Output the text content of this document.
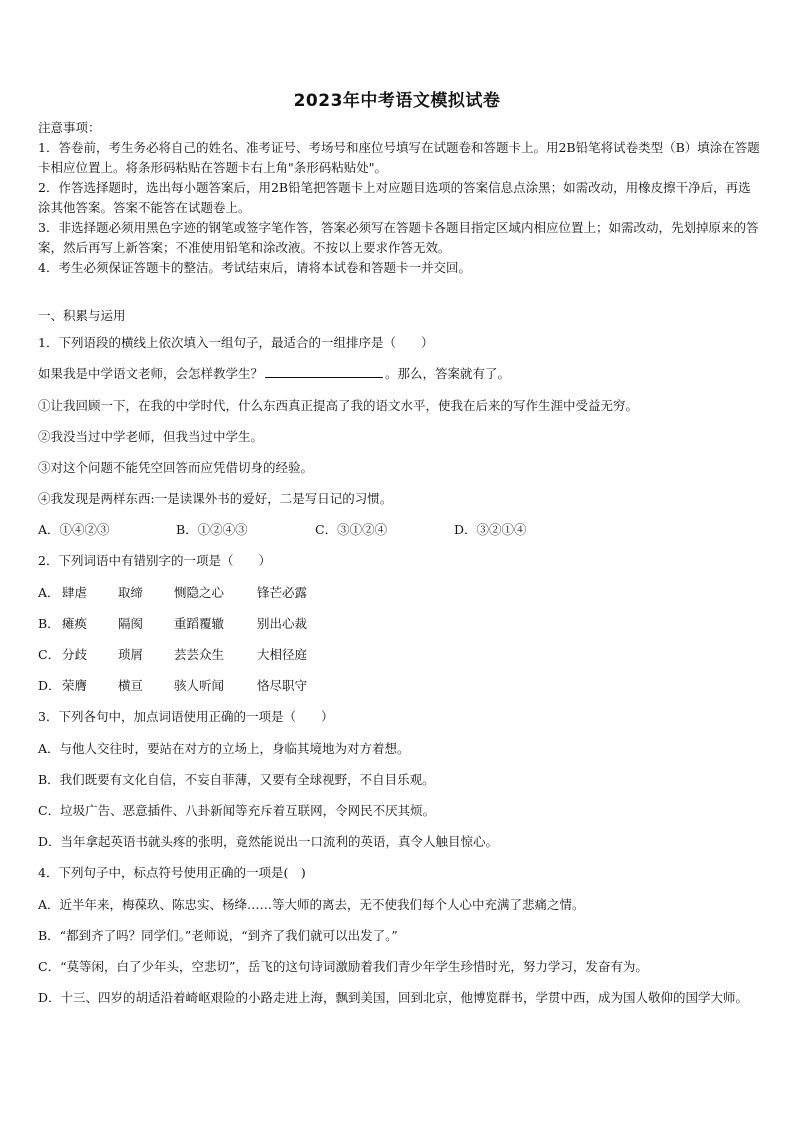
2023年中考语文模拟试卷

注意事项：

1．答卷前，考生务必将自己的姓名、准考证号、考场号和座位号填写在试题卷和答题卡上。用2B铅笔将试卷类型（B）填涂在答题卡相应位置上。将条形码粘贴在答题卡右上角"条形码粘贴处"。

2．作答选择题时，选出每小题答案后，用2B铅笔把答题卡上对应题目选项的答案信息点涂黑；如需改动，用橡皮擦干净后，再选涂其他答案。答案不能答在试题卷上。

3．非选择题必须用黑色字迹的钢笔或签字笔作答，答案必须写在答题卡各题目指定区域内相应位置上；如需改动，先划掉原来的答案，然后再写上新答案；不准使用铅笔和涂改液。不按以上要求作答无效。

4．考生必须保证答题卡的整洁。考试结束后，请将本试卷和答题卡一并交回。

一、积累与运用
1．下列语段的横线上依次填入一组句子，最适合的一组排序是（　　）
如果我是中学语文老师，会怎样教学生？	。那么，答案就有了。
①让我回顾一下，在我的中学时代，什么东西真正提高了我的语文水平，使我在后来的写作生涯中受益无穷。
②我没当过中学老师，但我当过中学生。
③对这个问题不能凭空回答而应凭借切身的经验。
④我发现是两样东西:一是读课外书的爱好，二是写日记的习惯。
A．①④②③	B．①②④③	C．③①②④	D．③②①④
2．下列词语中有错别字的一项是（　　）
A． 肆虐 取缔 恻隐之心	锋芒必露
B． 瘫痪 隔阂 重蹈覆辙	别出心裁
C． 分歧 琐屑 芸芸众生	大相径庭
D． 荣膺 横亘 骇人听闻	恪尽职守
3．下列各句中，加点词语使用正确的一项是（　　）
A．与他人交往时，要站在对方的立场上，身临其境地为对方着想。
B．我们既要有文化自信，不妄自菲薄，又要有全球视野，不自目乐观。
C．垃圾广告、恶意插件、八卦新闻等充斥着互联网，令网民不厌其烦。
D．当年拿起英语书就头疼的张明，竟然能说出一口流利的英语，真令人触目惊心。
4．下列句子中，标点符号使用正确的一项是(　)
A．近半年来，梅葆玖、陈忠实、杨绛……等大师的离去，无不使我们每个人心中充满了悲痛之情。
B．“都到齐了吗？同学们。”老师说，“到齐了我们就可以出发了。”
C．“莫等闲，白了少年头，空悲切”，岳飞的这句诗词激励着我们青少年学生珍惜时光，努力学习，发奋有为。
D．十三、四岁的胡适沿着崎岖艰险的小路走进上海，飘到美国，回到北京，他博览群书，学贯中西，成为国人敬仰的国学大师。
